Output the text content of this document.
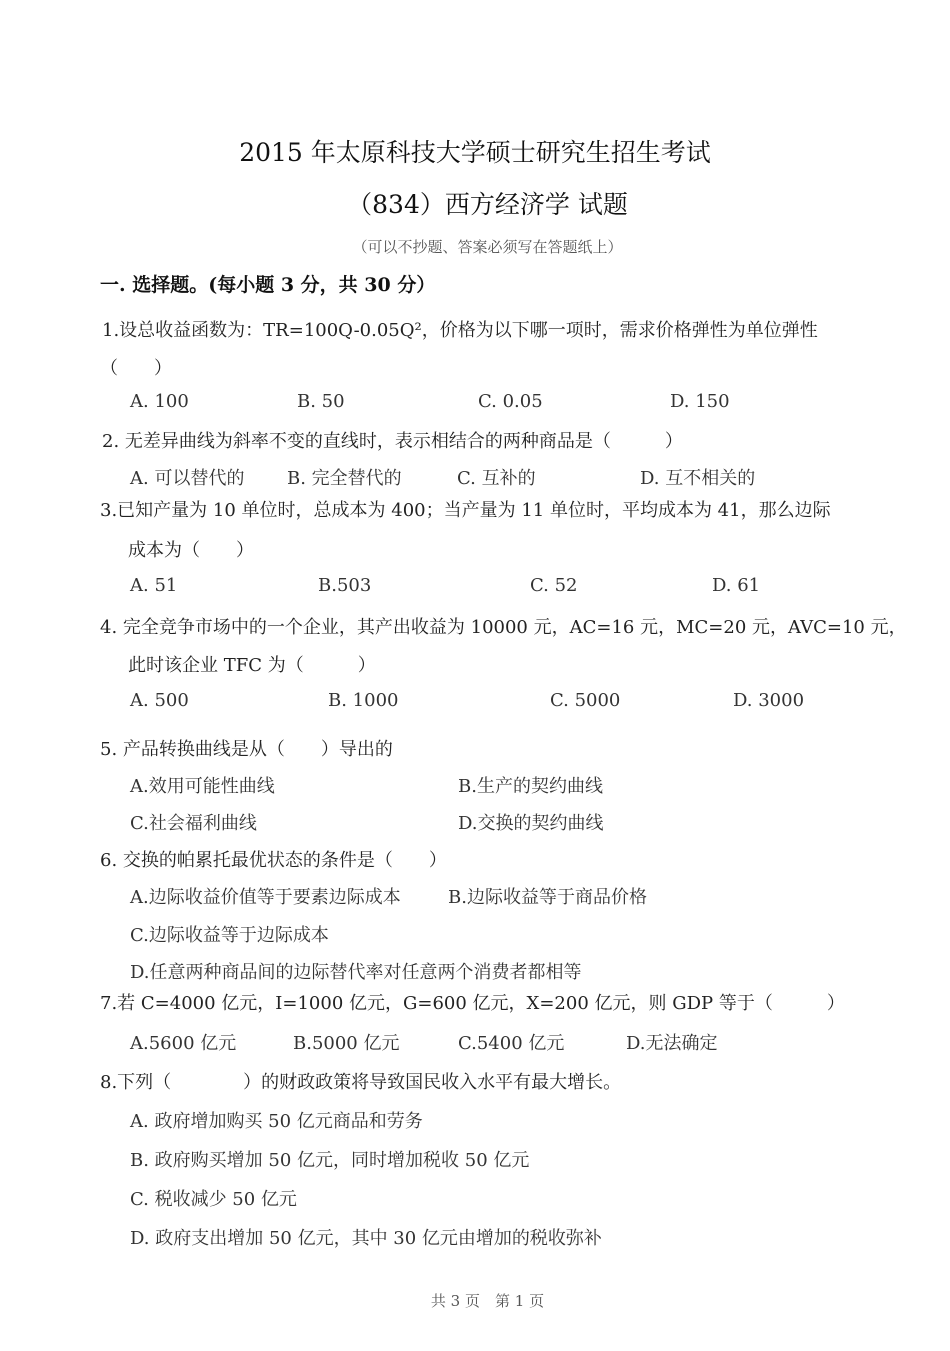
2015 年太原科技大学硕士研究生招生考试
（834）西方经济学 试题
（可以不抄题、答案必须写在答题纸上）
一. 选择题。(每小题 3 分，共 30 分）
1.设总收益函数为：TR=100Q-0.05Q²，价格为以下哪一项时，需求价格弹性为单位弹性
（　　）
A. 100	B. 50	C. 0.05	D. 150
2. 无差异曲线为斜率不变的直线时，表示相结合的两种商品是（　　　）
A. 可以替代的 B. 完全替代的	C. 互补的	D. 互不相关的
3.已知产量为 10 单位时，总成本为 400；当产量为 11 单位时，平均成本为 41，那么边际
成本为（　　）
A. 51	B.503	C. 52	D. 61
4. 完全竞争市场中的一个企业，其产出收益为 10000 元，AC=16 元，MC=20 元，AVC=10 元，
此时该企业 TFC 为（　　　）
A. 500	B. 1000	C. 5000	D. 3000
5. 产品转换曲线是从（　　）导出的
A.效用可能性曲线	B.生产的契约曲线
C.社会福利曲线	D.交换的契约曲线
6. 交换的帕累托最优状态的条件是（　　）
A.边际收益价值等于要素边际成本	B.边际收益等于商品价格
C.边际收益等于边际成本
D.任意两种商品间的边际替代率对任意两个消费者都相等
7.若 C=4000 亿元，I=1000 亿元，G=600 亿元，X=200 亿元，则 GDP 等于（　　　）
A.5600 亿元	B.5000 亿元	C.5400 亿元	D.无法确定
8.下列（　　　　）的财政政策将导致国民收入水平有最大增长。
A. 政府增加购买 50 亿元商品和劳务
B. 政府购买增加 50 亿元，同时增加税收 50 亿元
C. 税收减少 50 亿元
D. 政府支出增加 50 亿元，其中 30 亿元由增加的税收弥补
共 3 页　第 1 页
